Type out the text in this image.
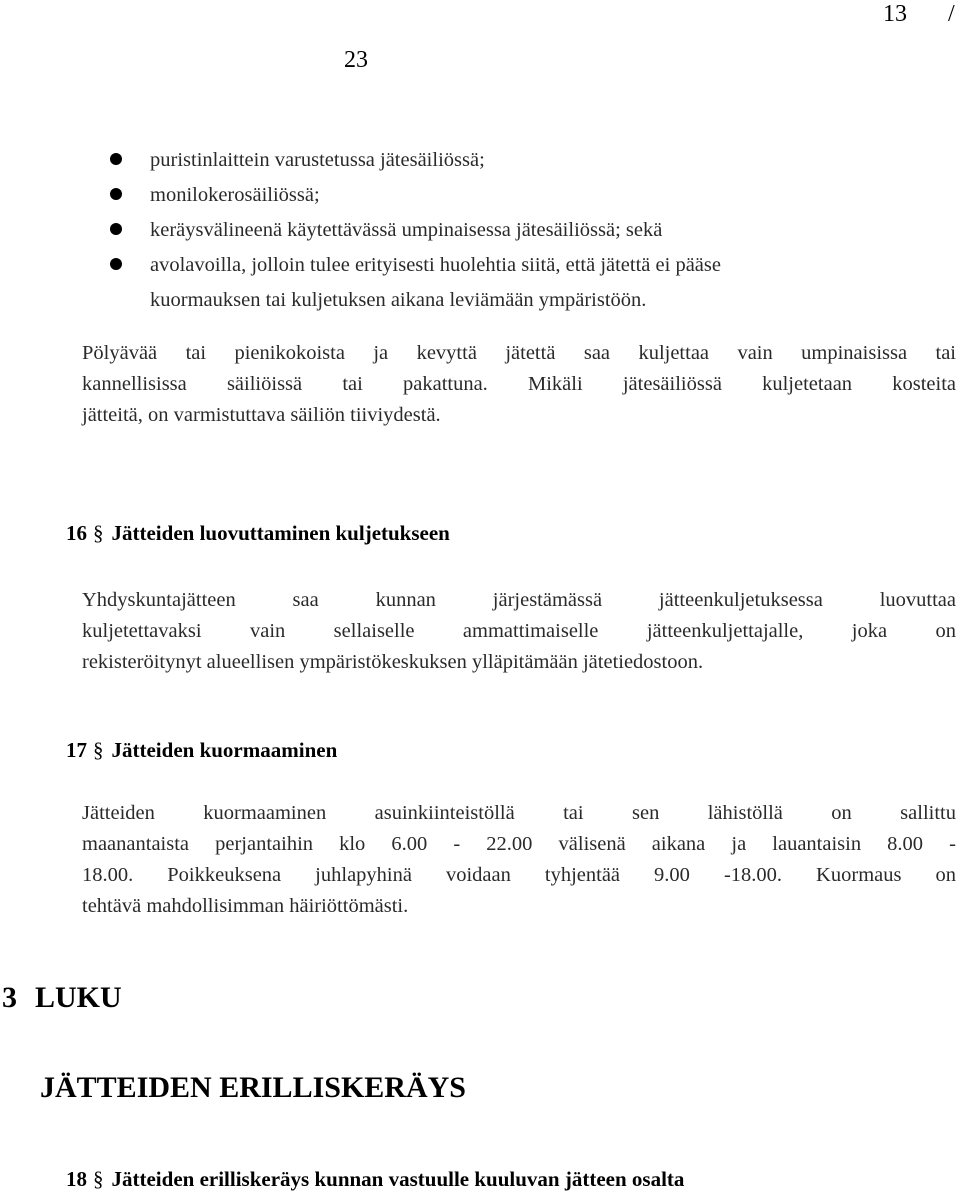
13 /
23
puristinlaittein varustetussa jätesäiliössä;
monilokerosäiliössä;
keräysvälineenä käytettävässä umpinaisessa jätesäiliössä; sekä
avolavoilla, jolloin tulee erityisesti huolehtia siitä, että jätettä ei pääse
kuormauksen tai kuljetuksen aikana leviämään ympäristöön.

Pölyävää tai pienikokoista ja kevyttä jätettä saa kuljettaa vain umpinaisissa tai
kannellisissa säiliöissä tai pakattuna. Mikäli jätesäiliössä kuljetetaan kosteita
jätteitä, on varmistuttava säiliön tiiviydestä.

16 § Jätteiden luovuttaminen kuljetukseen

Yhdyskuntajätteen saa kunnan järjestämässä jätteenkuljetuksessa luovuttaa
kuljetettavaksi vain sellaiselle ammattimaiselle jätteenkuljettajalle, joka on
rekisteröitynyt alueellisen ympäristökeskuksen ylläpitämään jätetiedostoon.

17 § Jätteiden kuormaaminen

Jätteiden kuormaaminen asuinkiinteistöllä tai sen lähistöllä on sallittu
maanantaista perjantaihin klo 6.00 - 22.00 välisenä aikana ja lauantaisin 8.00 -
18.00. Poikkeuksena juhlapyhinä voidaan tyhjentää 9.00 -18.00. Kuormaus on
tehtävä mahdollisimman häiriöttömästi.

3 LUKU
JÄTTEIDEN ERILLISKERÄYS
18 § Jätteiden erilliskeräys kunnan vastuulle kuuluvan jätteen osalta
